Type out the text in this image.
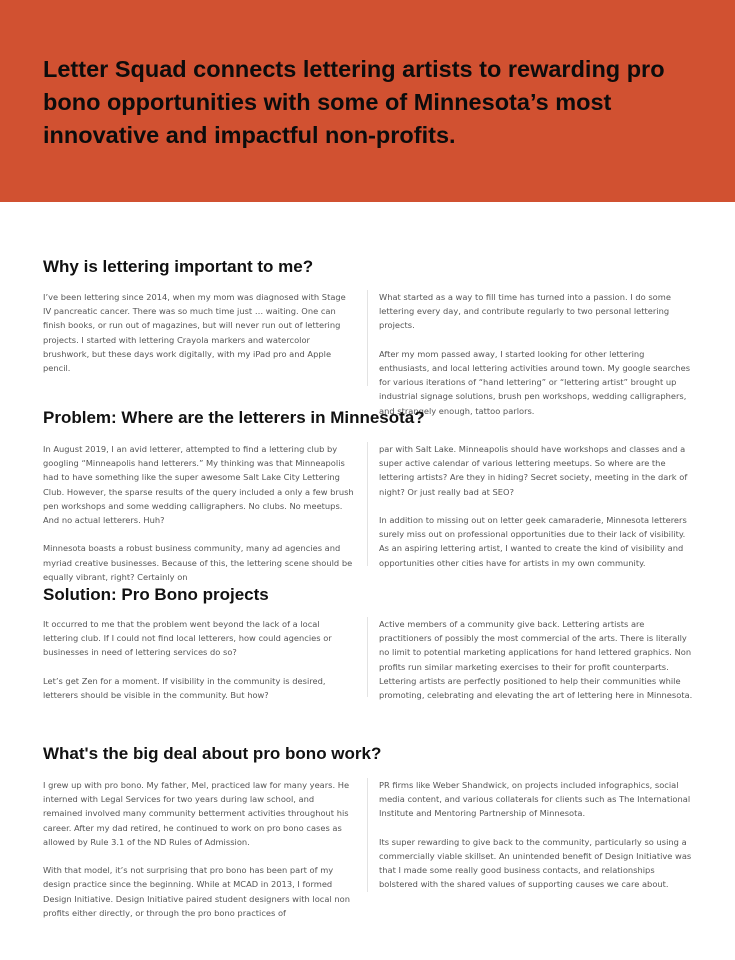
Letter Squad connects lettering artists to rewarding pro bono opportunities with some of Minnesota’s most innovative and impactful non-profits.
Why is lettering important to me?

I’ve been lettering since 2014, when my mom was diagnosed with Stage IV pancreatic cancer. There was so much time just … waiting. One can finish books, or run out of magazines, but will never run out of lettering projects. I started with lettering Crayola markers and watercolor brushwork, but these days work digitally, with my iPad pro and Apple pencil.

What started as a way to fill time has turned into a passion. I do some lettering every day, and contribute regularly to two personal lettering projects.

After my mom passed away, I started looking for other lettering enthusiasts, and local lettering activities around town. My google searches for various iterations of “hand lettering” or “lettering artist” brought up industrial signage solutions, brush pen workshops, wedding calligraphers, and strangely enough, tattoo parlors.

Problem: Where are the letterers in Minnesota?

In August 2019, I an avid letterer, attempted to find a lettering club by googling “Minneapolis hand letterers.” My thinking was that Minneapolis had to have something like the super awesome Salt Lake City Lettering Club. However, the sparse results of the query included a only a few brush pen workshops and some wedding calligraphers. No clubs. No meetups. And no actual letterers. Huh?

Minnesota boasts a robust business community, many ad agencies and myriad creative businesses. Because of this, the lettering scene should be equally vibrant, right? Certainly on

par with Salt Lake. Minneapolis should have workshops and classes and a super active calendar of various lettering meetups. So where are the lettering artists? Are they in hiding? Secret society, meeting in the dark of night? Or just really bad at SEO?

In addition to missing out on letter geek camaraderie, Minnesota letterers surely miss out on professional opportunities due to their lack of visibility. As an aspiring lettering artist, I wanted to create the kind of visibility and opportunities other cities have for artists in my own community.

Solution: Pro Bono projects

It occurred to me that the problem went beyond the lack of a local lettering club. If I could not find local letterers, how could agencies or businesses in need of lettering services do so?

Let’s get Zen for a moment. If visibility in the community is desired, letterers should be visible in the community. But how?

Active members of a community give back. Lettering artists are practitioners of possibly the most commercial of the arts. There is literally no limit to potential marketing applications for hand lettered graphics. Non profits run similar marketing exercises to their for profit counterparts. Lettering artists are perfectly positioned to help their communities while promoting, celebrating and elevating the art of lettering here in Minnesota.

What's the big deal about pro bono work?

I grew up with pro bono. My father, Mel, practiced law for many years. He interned with Legal Services for two years during law school, and remained involved many community betterment activities throughout his career. After my dad retired, he continued to work on pro bono cases as allowed by Rule 3.1 of the ND Rules of Admission.

With that model, it’s not surprising that pro bono has been part of my design practice since the beginning. While at MCAD in 2013, I formed Design Initiative. Design Initiative paired student designers with local non profits either directly, or through the pro bono practices of

PR firms like Weber Shandwick, on projects included infographics, social media content, and various collaterals for clients such as The International Institute and Mentoring Partnership of Minnesota.

Its super rewarding to give back to the community, particularly so using a commercially viable skillset. An unintended benefit of Design Initiative was that I made some really good business contacts, and relationships bolstered with the shared values of supporting causes we care about.
